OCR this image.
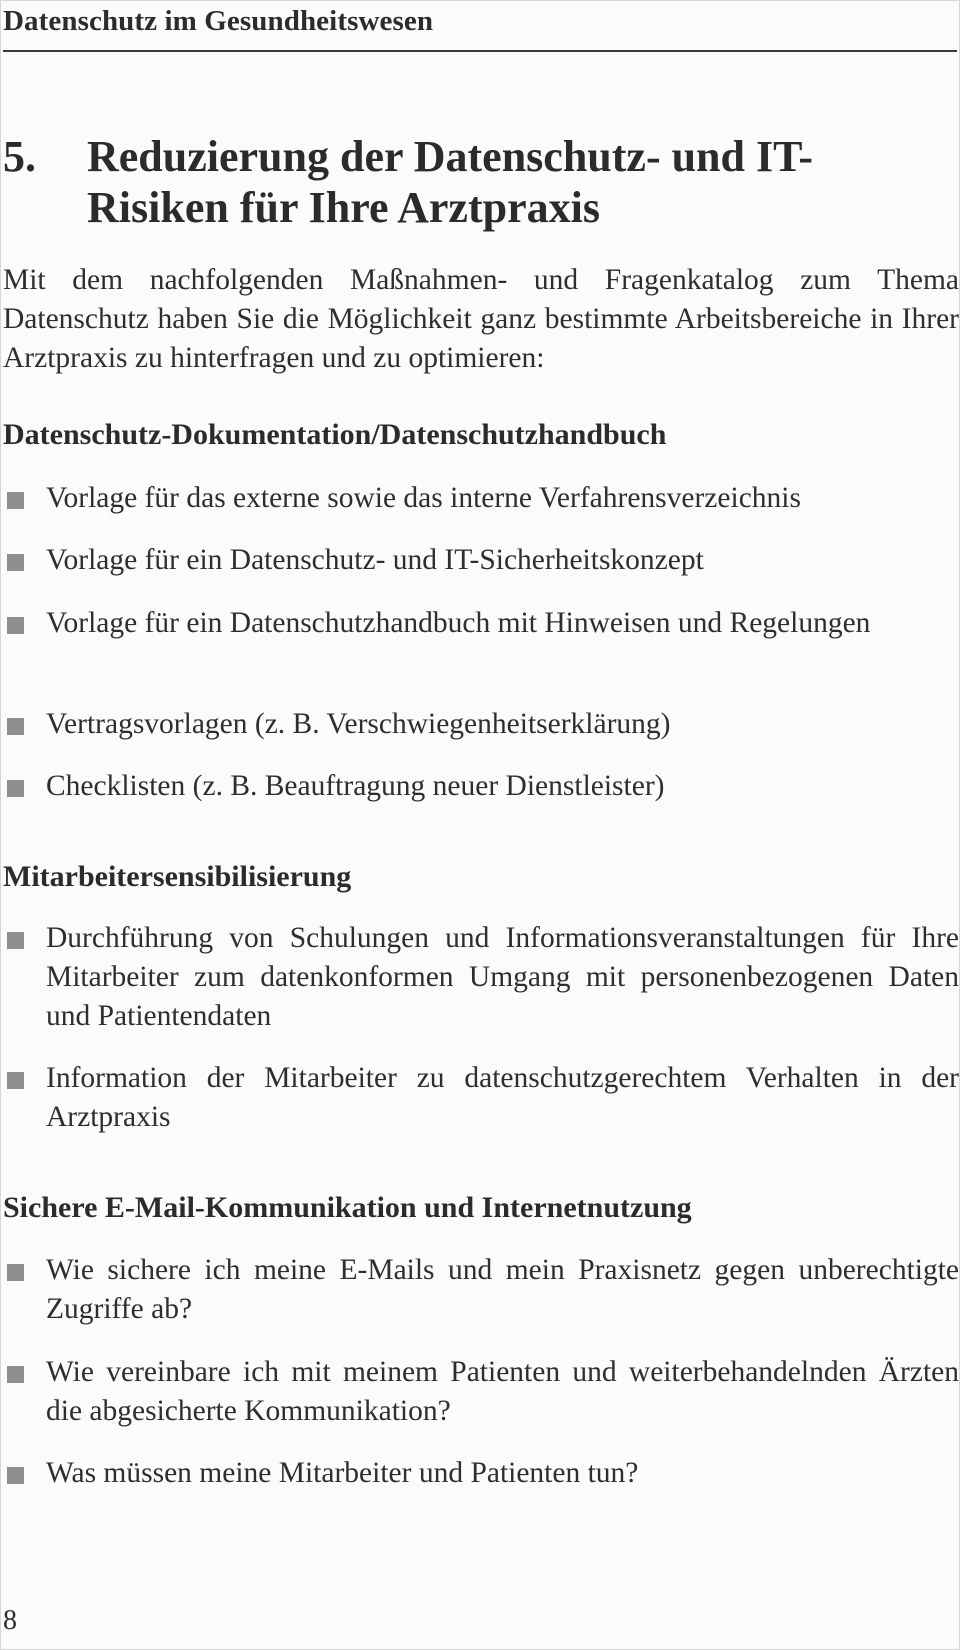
Datenschutz im Gesundheitswesen
5. Reduzierung der Datenschutz- und IT-
Risiken für Ihre Arztpraxis

Mit dem nachfolgenden Maßnahmen- und Fragenkatalog zum Thema Datenschutz haben Sie die Möglichkeit ganz bestimmte Arbeitsbereiche in Ihrer Arztpraxis zu hinterfragen und zu optimieren:

Datenschutz-Dokumentation/Datenschutzhandbuch
Vorlage für das externe sowie das interne Verfahrensverzeichnis
Vorlage für ein Datenschutz- und IT-Sicherheitskonzept
Vorlage für ein Datenschutzhandbuch mit Hinweisen und Regelungen
Vertragsvorlagen (z. B. Verschwiegenheitserklärung)
Checklisten (z. B. Beauftragung neuer Dienstleister)
Mitarbeitersensibilisierung
Durchführung von Schulungen und Informationsveranstaltungen für Ihre Mitarbeiter zum datenkonformen Umgang mit personenbezogenen Daten und Patientendaten
Information der Mitarbeiter zu datenschutzgerechtem Verhalten in der Arztpraxis
Sichere E-Mail-Kommunikation und Internetnutzung
Wie sichere ich meine E-Mails und mein Praxisnetz gegen unberechtigte Zugriffe ab?
Wie vereinbare ich mit meinem Patienten und weiterbehandelnden Ärzten die abgesicherte Kommunikation?
Was müssen meine Mitarbeiter und Patienten tun?
8
